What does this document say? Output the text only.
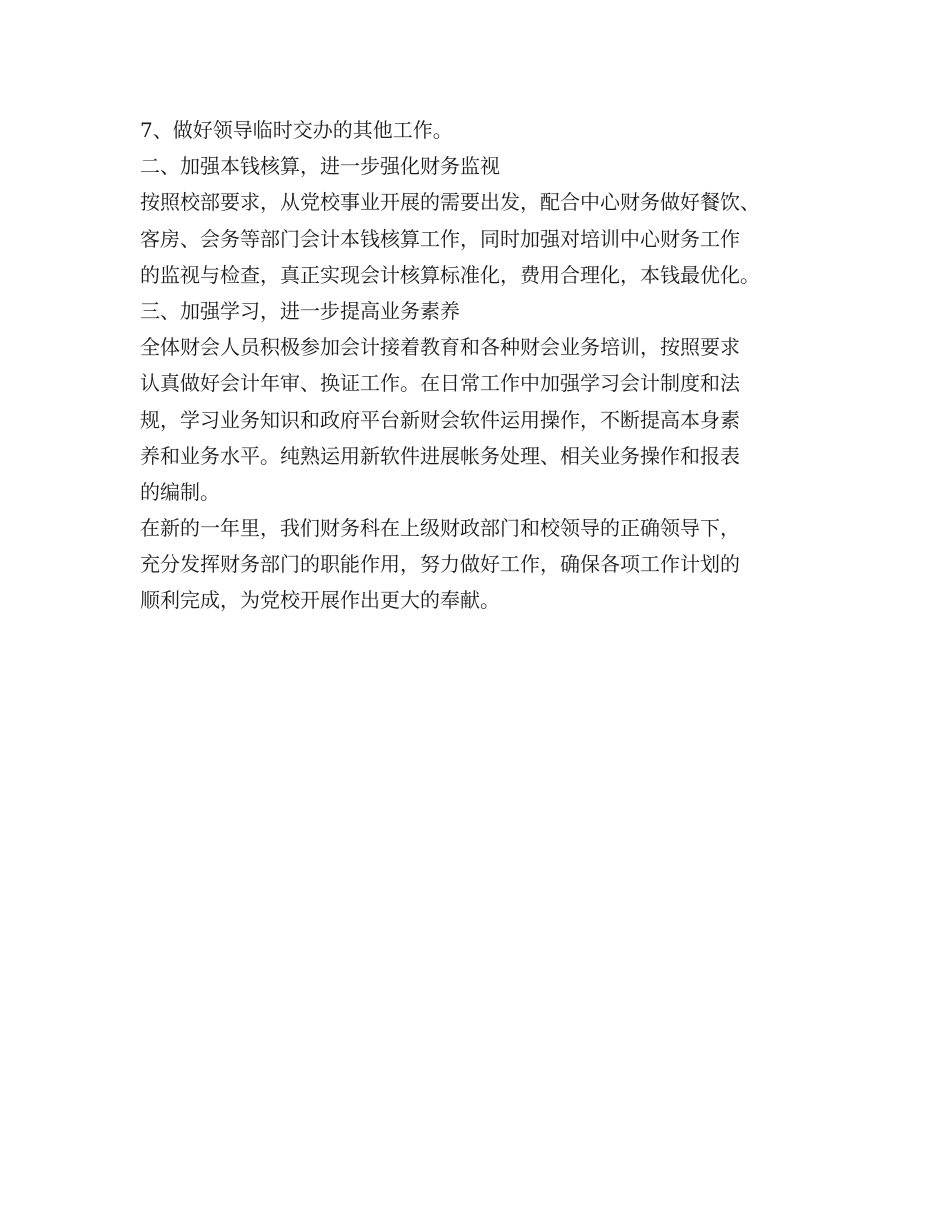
7、做好领导临时交办的其他工作。
二、加强本钱核算，进一步强化财务监视
按照校部要求，从党校事业开展的需要出发，配合中心财务做好餐饮、
客房、会务等部门会计本钱核算工作，同时加强对培训中心财务工作
的监视与检查，真正实现会计核算标准化，费用合理化，本钱最优化。
三、加强学习，进一步提高业务素养
全体财会人员积极参加会计接着教育和各种财会业务培训，按照要求
认真做好会计年审、换证工作。在日常工作中加强学习会计制度和法
规，学习业务知识和政府平台新财会软件运用操作，不断提高本身素
养和业务水平。纯熟运用新软件进展帐务处理、相关业务操作和报表
的编制。
在新的一年里，我们财务科在上级财政部门和校领导的正确领导下，
充分发挥财务部门的职能作用，努力做好工作，确保各项工作计划的
顺利完成，为党校开展作出更大的奉献。
